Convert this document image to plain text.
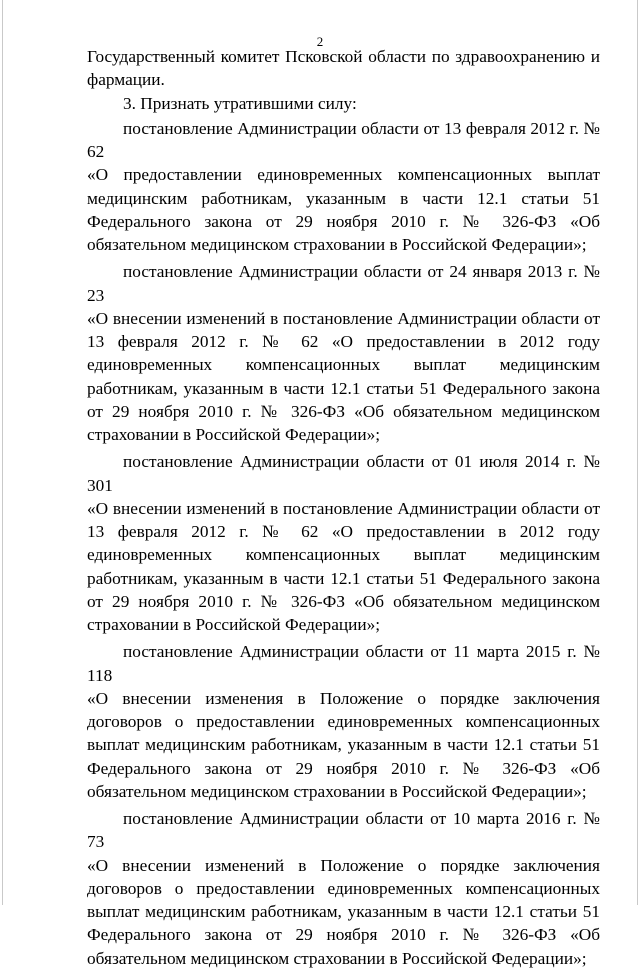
2

Государственный комитет Псковской области по здравоохранению и фармации.

3. Признать утратившими силу:

постановление Администрации области от 13 февраля 2012 г. № 62

«О предоставлении единовременных компенсационных выплат медицинским работникам, указанным в части 12.1 статьи 51 Федерального закона от 29 ноября 2010 г. № 326-ФЗ «Об обязательном медицинском страховании в Российской Федерации»;

постановление Администрации области от 24 января 2013 г. № 23

«О внесении изменений в постановление Администрации области от 13 февраля 2012 г. № 62 «О предоставлении в 2012 году единовременных компенсационных выплат медицинским работникам, указанным в части 12.1 статьи 51 Федерального закона от 29 ноября 2010 г. № 326-ФЗ «Об обязательном медицинском страховании в Российской Федерации»;

постановление Администрации области от 01 июля 2014 г. № 301

«О внесении изменений в постановление Администрации области от 13 февраля 2012 г. № 62 «О предоставлении в 2012 году единовременных компенсационных выплат медицинским работникам, указанным в части 12.1 статьи 51 Федерального закона от 29 ноября 2010 г. № 326-ФЗ «Об обязательном медицинском страховании в Российской Федерации»;

постановление Администрации области от 11 марта 2015 г. № 118

«О внесении изменения в Положение о порядке заключения договоров о предоставлении единовременных компенсационных выплат медицинским работникам, указанным в части 12.1 статьи 51 Федерального закона от 29 ноября 2010 г. № 326-ФЗ «Об обязательном медицинском страховании в Российской Федерации»;

постановление Администрации области от 10 марта 2016 г. № 73

«О внесении изменений в Положение о порядке заключения договоров о предоставлении единовременных компенсационных выплат медицинским работникам, указанным в части 12.1 статьи 51 Федерального закона от 29 ноября 2010 г. № 326-ФЗ «Об обязательном медицинском страховании в Российской Федерации»;
